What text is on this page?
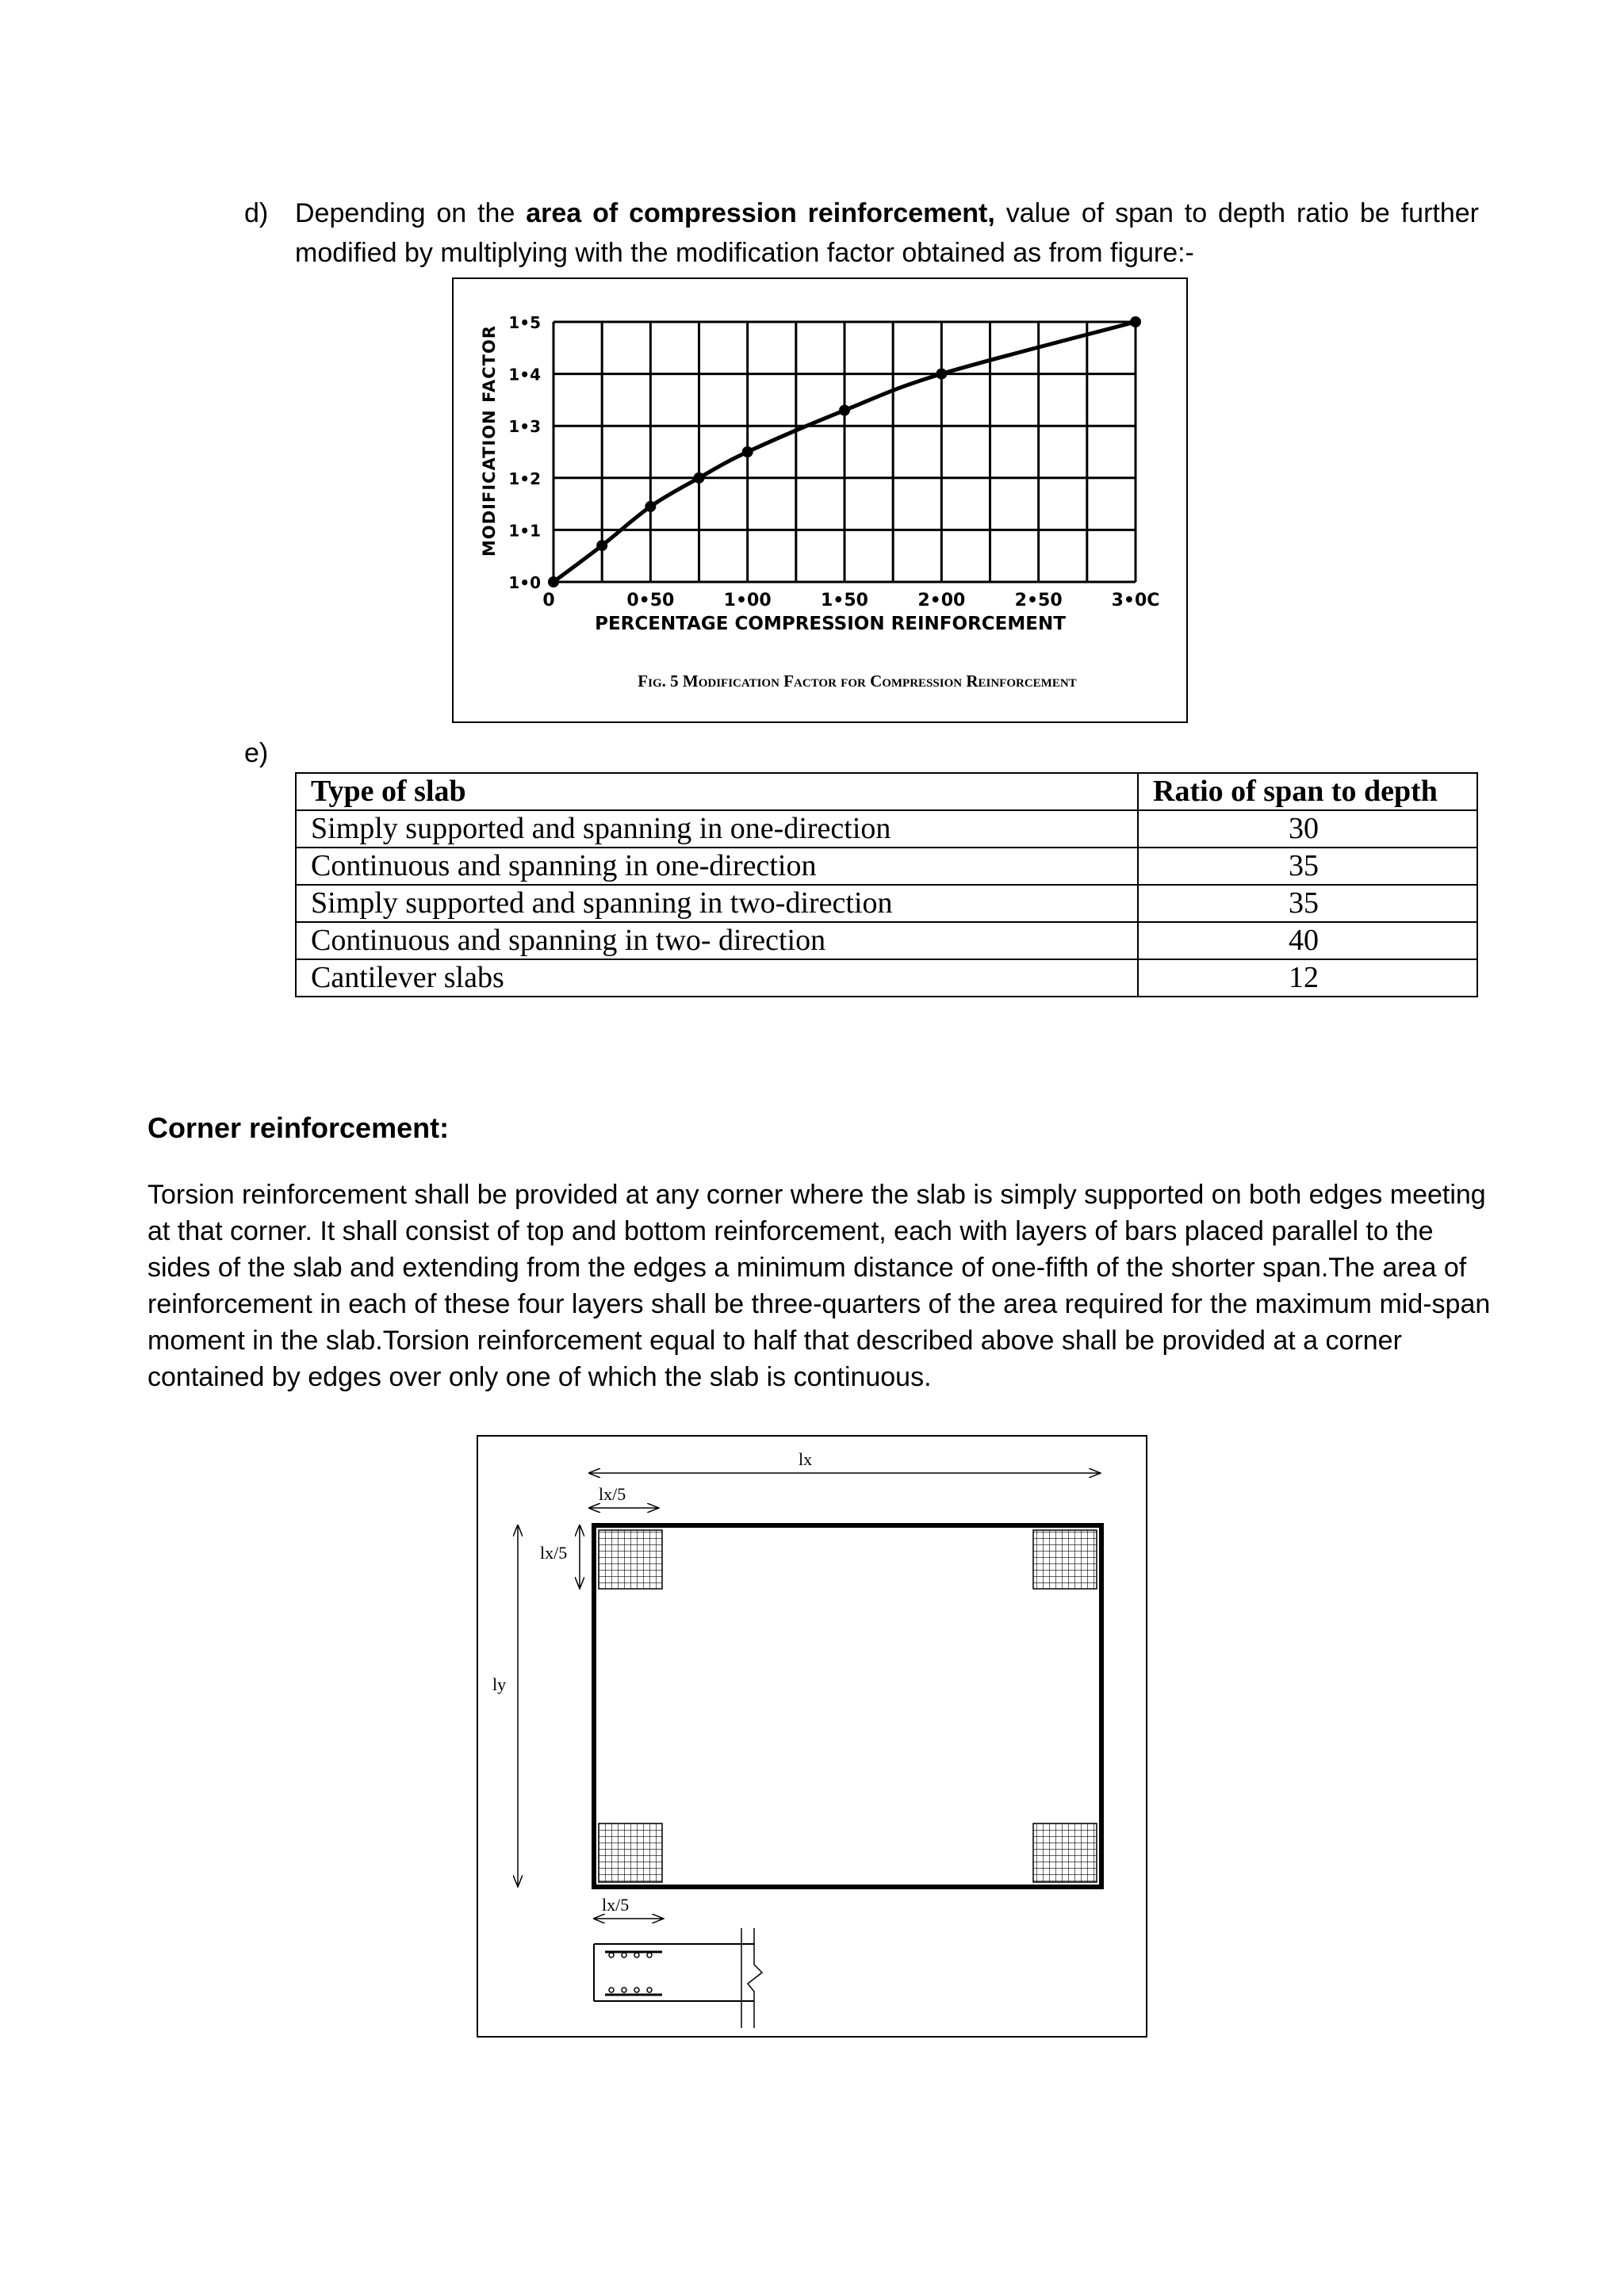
d) Depending on the area of compression reinforcement, value of span to depth ratio be further modified by multiplying with the modification factor obtained as from figure:-
1•0
1•1
1•2
1•3
1•4
1•5
0	0•50	1•00	1•50	2•00	2•50	3•0C
MODIFICATION FACTOR
PERCENTAGE COMPRESSION REINFORCEMENT
Fig. 5 Modification Factor for Compression Reinforcement
e)
Type of slab	Ratio of span to depth
Simply supported and spanning in one-direction	30
Continuous and spanning in one-direction	35
Simply supported and spanning in two-direction	35
Continuous and spanning in two- direction	40
Cantilever slabs	12
Corner reinforcement:
Torsion reinforcement shall be provided at any corner where the slab is simply supported on both edges meeting at that corner. It shall consist of top and bottom reinforcement, each with layers of bars placed parallel to the sides of the slab and extending from the edges a minimum distance of one-fifth of the shorter span.The area of reinforcement in each of these four layers shall be three-quarters of the area required for the maximum mid-span moment in the slab.Torsion reinforcement equal to half that described above shall be provided at a corner contained by edges over only one of which the slab is continuous.
lx
lx/5
ly
lx/5
lx/5
